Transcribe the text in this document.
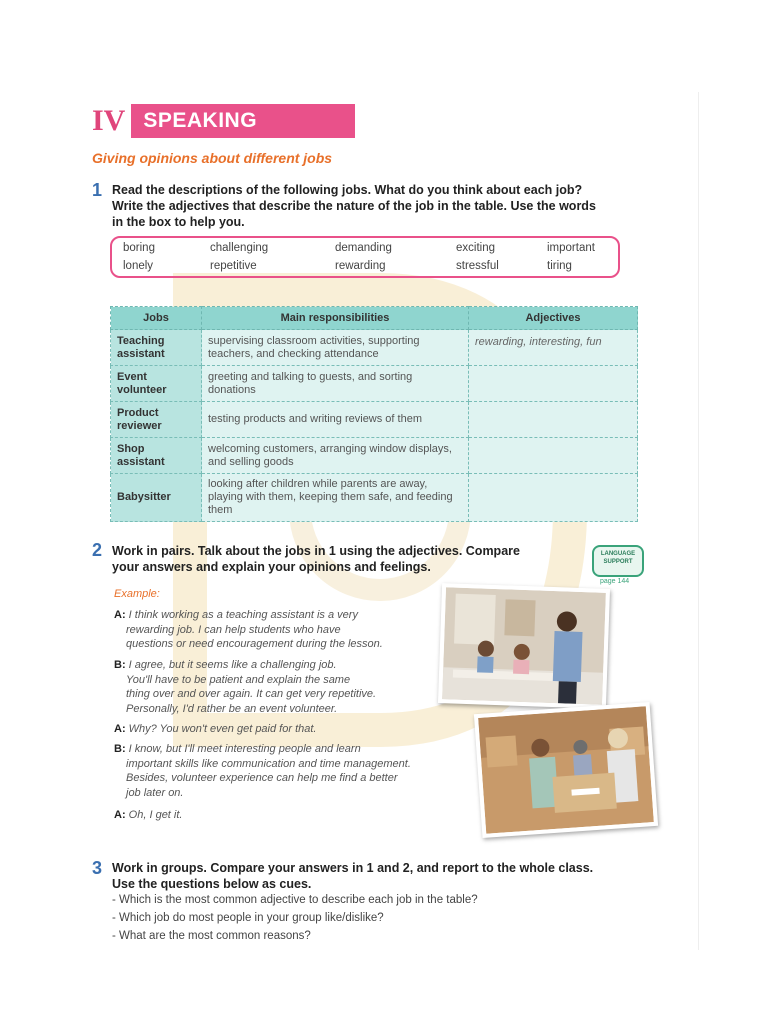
IV SPEAKING
Giving opinions about different jobs
1 Read the descriptions of the following jobs. What do you think about each job?
Write the adjectives that describe the nature of the job in the table. Use the words
in the box to help you.
boring	challenging	demanding	exciting	important
lonely	repetitive	rewarding	stressful	tiring
Jobs	Main responsibilities	Adjectives
Teaching assistant	supervising classroom activities, supporting teachers, and checking attendance	rewarding, interesting, fun
Event volunteer	greeting and talking to guests, and sorting donations	
Product reviewer	testing products and writing reviews of them	
Shop assistant	welcoming customers, arranging window displays, and selling goods	
Babysitter	looking after children while parents are away, playing with them, keeping them safe, and feeding them	
2 Work in pairs. Talk about the jobs in 1 using the adjectives. Compare
your answers and explain your opinions and feelings.
LANGUAGE
SUPPORT
page 144
Example:
A: I think working as a teaching assistant is a very
rewarding job. I can help students who have
questions or need encouragement during the lesson.
B: I agree, but it seems like a challenging job.
You'll have to be patient and explain the same
thing over and over again. It can get very repetitive.
Personally, I'd rather be an event volunteer.
A: Why? You won't even get paid for that.
B: I know, but I'll meet interesting people and learn
important skills like communication and time management.
Besides, volunteer experience can help me find a better
job later on.
A: Oh, I get it.
3 Work in groups. Compare your answers in 1 and 2, and report to the whole class.
Use the questions below as cues.
- Which is the most common adjective to describe each job in the table?
- Which job do most people in your group like/dislike?
- What are the most common reasons?
